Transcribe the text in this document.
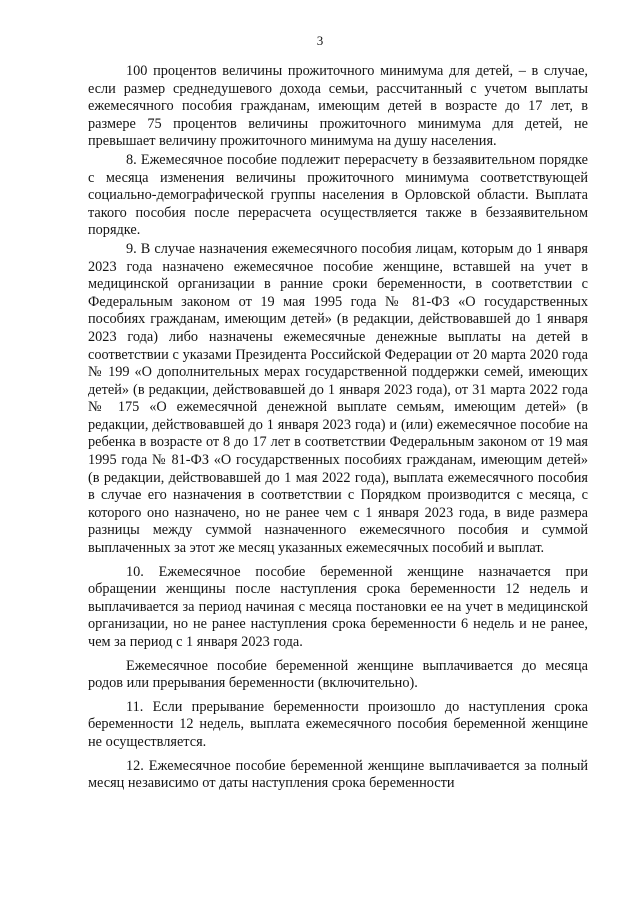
3

100 процентов величины прожиточного минимума для детей, – в случае, если размер среднедушевого дохода семьи, рассчитанный с учетом выплаты ежемесячного пособия гражданам, имеющим детей в возрасте до 17 лет, в размере 75 процентов величины прожиточного минимума для детей, не превышает величину прожиточного минимума на душу населения.

8. Ежемесячное пособие подлежит перерасчету в беззаявительном порядке с месяца изменения величины прожиточного минимума соответствующей социально-демографической группы населения в Орловской области. Выплата такого пособия после перерасчета осуществляется также в беззаявительном порядке.

9. В случае назначения ежемесячного пособия лицам, которым до 1 января 2023 года назначено ежемесячное пособие женщине, вставшей на учет в медицинской организации в ранние сроки беременности, в соответствии с Федеральным законом от 19 мая 1995 года № 81-ФЗ «О государственных пособиях гражданам, имеющим детей» (в редакции, действовавшей до 1 января 2023 года) либо назначены ежемесячные денежные выплаты на детей в соответствии с указами Президента Российской Федерации от 20 марта 2020 года № 199 «О дополнительных мерах государственной поддержки семей, имеющих детей» (в редакции, действовавшей до 1 января 2023 года), от 31 марта 2022 года № 175 «О ежемесячной денежной выплате семьям, имеющим детей» (в редакции, действовавшей до 1 января 2023 года) и (или) ежемесячное пособие на ребенка в возрасте от 8 до 17 лет в соответствии Федеральным законом от 19 мая 1995 года № 81-ФЗ «О государственных пособиях гражданам, имеющим детей» (в редакции, действовавшей до 1 мая 2022 года), выплата ежемесячного пособия в случае его назначения в соответствии с Порядком производится с месяца, с которого оно назначено, но не ранее чем с 1 января 2023 года, в виде размера разницы между суммой назначенного ежемесячного пособия и суммой выплаченных за этот же месяц указанных ежемесячных пособий и выплат.

10. Ежемесячное пособие беременной женщине назначается при обращении женщины после наступления срока беременности 12 недель и выплачивается за период начиная с месяца постановки ее на учет в медицинской организации, но не ранее наступления срока беременности 6 недель и не ранее, чем за период с 1 января 2023 года.

Ежемесячное пособие беременной женщине выплачивается до месяца родов или прерывания беременности (включительно).

11. Если прерывание беременности произошло до наступления срока беременности 12 недель, выплата ежемесячного пособия беременной женщине не осуществляется.

12. Ежемесячное пособие беременной женщине выплачивается за полный месяц независимо от даты наступления срока беременности
